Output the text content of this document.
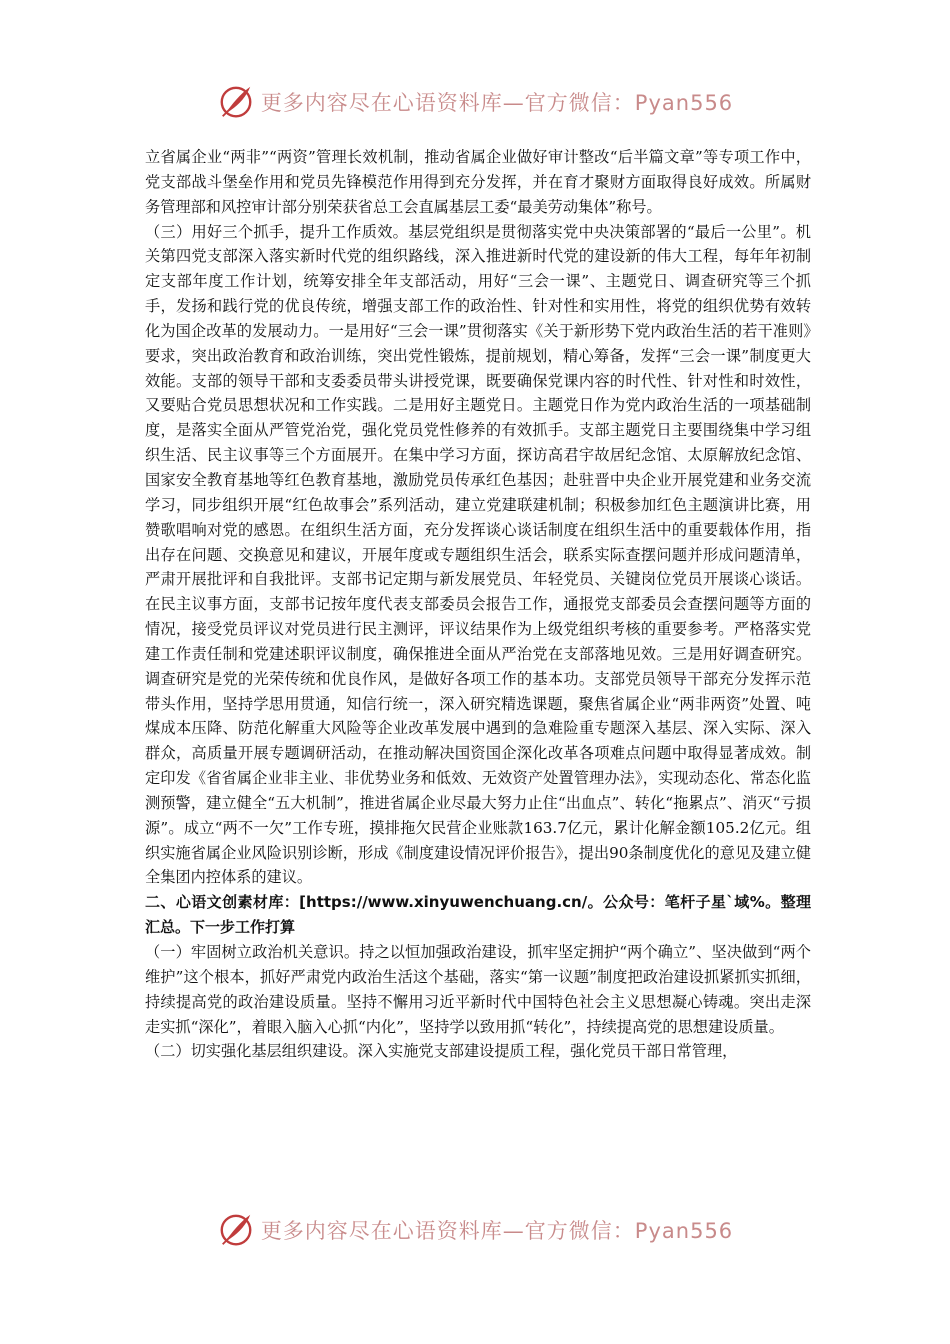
更多内容尽在心语资料库—官方微信：Pyan556

立省属企业“两非”“两资”管理长效机制，推动省属企业做好审计整改“后半篇文章”等专项工作中，党支部战斗堡垒作用和党员先锋模范作用得到充分发挥，并在育才聚财方面取得良好成效。所属财务管理部和风控审计部分别荣获省总工会直属基层工委“最美劳动集体”称号。

（三）用好三个抓手，提升工作质效。基层党组织是贯彻落实党中央决策部署的“最后一公里”。机关第四党支部深入落实新时代党的组织路线，深入推进新时代党的建设新的伟大工程，每年年初制定支部年度工作计划，统筹安排全年支部活动，用好“三会一课”、主题党日、调查研究等三个抓手，发扬和践行党的优良传统，增强支部工作的政治性、针对性和实用性，将党的组织优势有效转化为国企改革的发展动力。一是用好“三会一课”贯彻落实《关于新形势下党内政治生活的若干准则》要求，突出政治教育和政治训练，突出党性锻炼，提前规划，精心筹备，发挥“三会一课”制度更大效能。支部的领导干部和支委委员带头讲授党课，既要确保党课内容的时代性、针对性和时效性，又要贴合党员思想状况和工作实践。二是用好主题党日。主题党日作为党内政治生活的一项基础制度，是落实全面从严管党治党，强化党员党性修养的有效抓手。支部主题党日主要围绕集中学习组织生活、民主议事等三个方面展开。在集中学习方面，探访高君宇故居纪念馆、太原解放纪念馆、国家安全教育基地等红色教育基地，激励党员传承红色基因；赴驻晋中央企业开展党建和业务交流学习，同步组织开展“红色故事会”系列活动，建立党建联建机制；积极参加红色主题演讲比赛，用赞歌唱响对党的感恩。在组织生活方面，充分发挥谈心谈话制度在组织生活中的重要载体作用，指出存在问题、交换意见和建议，开展年度或专题组织生活会，联系实际查摆问题并形成问题清单，严肃开展批评和自我批评。支部书记定期与新发展党员、年轻党员、关键岗位党员开展谈心谈话。在民主议事方面，支部书记按年度代表支部委员会报告工作，通报党支部委员会查摆问题等方面的情况，接受党员评议对党员进行民主测评，评议结果作为上级党组织考核的重要参考。严格落实党建工作责任制和党建述职评议制度，确保推进全面从严治党在支部落地见效。三是用好调查研究。调查研究是党的光荣传统和优良作风，是做好各项工作的基本功。支部党员领导干部充分发挥示范带头作用，坚持学思用贯通，知信行统一，深入研究精选课题，聚焦省属企业“两非两资”处置、吨煤成本压降、防范化解重大风险等企业改革发展中遇到的急难险重专题深入基层、深入实际、深入群众，高质量开展专题调研活动，在推动解决国资国企深化改革各项难点问题中取得显著成效。制定印发《省省属企业非主业、非优势业务和低效、无效资产处置管理办法》，实现动态化、常态化监测预警，建立健全“五大机制”，推进省属企业尽最大努力止住“出血点”、转化“拖累点”、消灭“亏损源”。成立“两不一欠”工作专班，摸排拖欠民营企业账款163.7亿元，累计化解金额105.2亿元。组织实施省属企业风险识别诊断，形成《制度建设情况评价报告》，提出90条制度优化的意见及建立健全集团内控体系的建议。

二、心语文创素材库：[https://www.xinyuwenchuang.cn/。公众号：笔杆子星`域%。整理汇总。下一步工作打算

（一）牢固树立政治机关意识。持之以恒加强政治建设，抓牢坚定拥护“两个确立”、坚决做到“两个维护”这个根本，抓好严肃党内政治生活这个基础，落实“第一议题”制度把政治建设抓紧抓实抓细，持续提高党的政治建设质量。坚持不懈用习近平新时代中国特色社会主义思想凝心铸魂。突出走深走实抓“深化”，着眼入脑入心抓“内化”，坚持学以致用抓“转化”，持续提高党的思想建设质量。

（二）切实强化基层组织建设。深入实施党支部建设提质工程，强化党员干部日常管理，

更多内容尽在心语资料库—官方微信：Pyan556
